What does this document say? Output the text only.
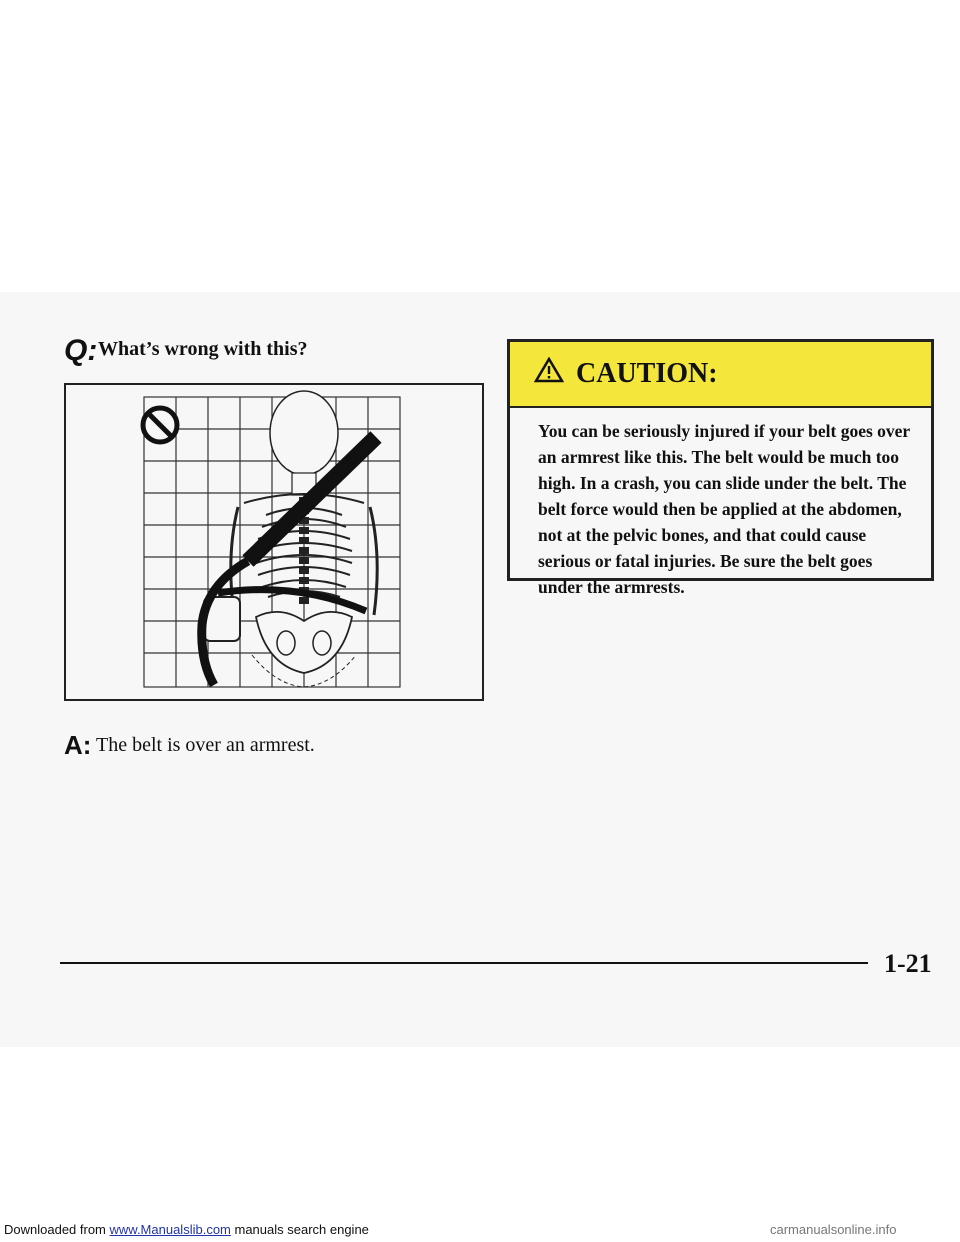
Q: What’s wrong with this?
A: The belt is over an armrest.
CAUTION:
You can be seriously injured if your belt goes over an armrest like this. The belt would be much too high. In a crash, you can slide under the belt. The belt force would then be applied at the abdomen, not at the pelvic bones, and that could cause serious or fatal injuries. Be sure the belt goes under the armrests.
1-21
Downloaded from www.Manualslib.com manuals search engine	carmanualsonline.info
